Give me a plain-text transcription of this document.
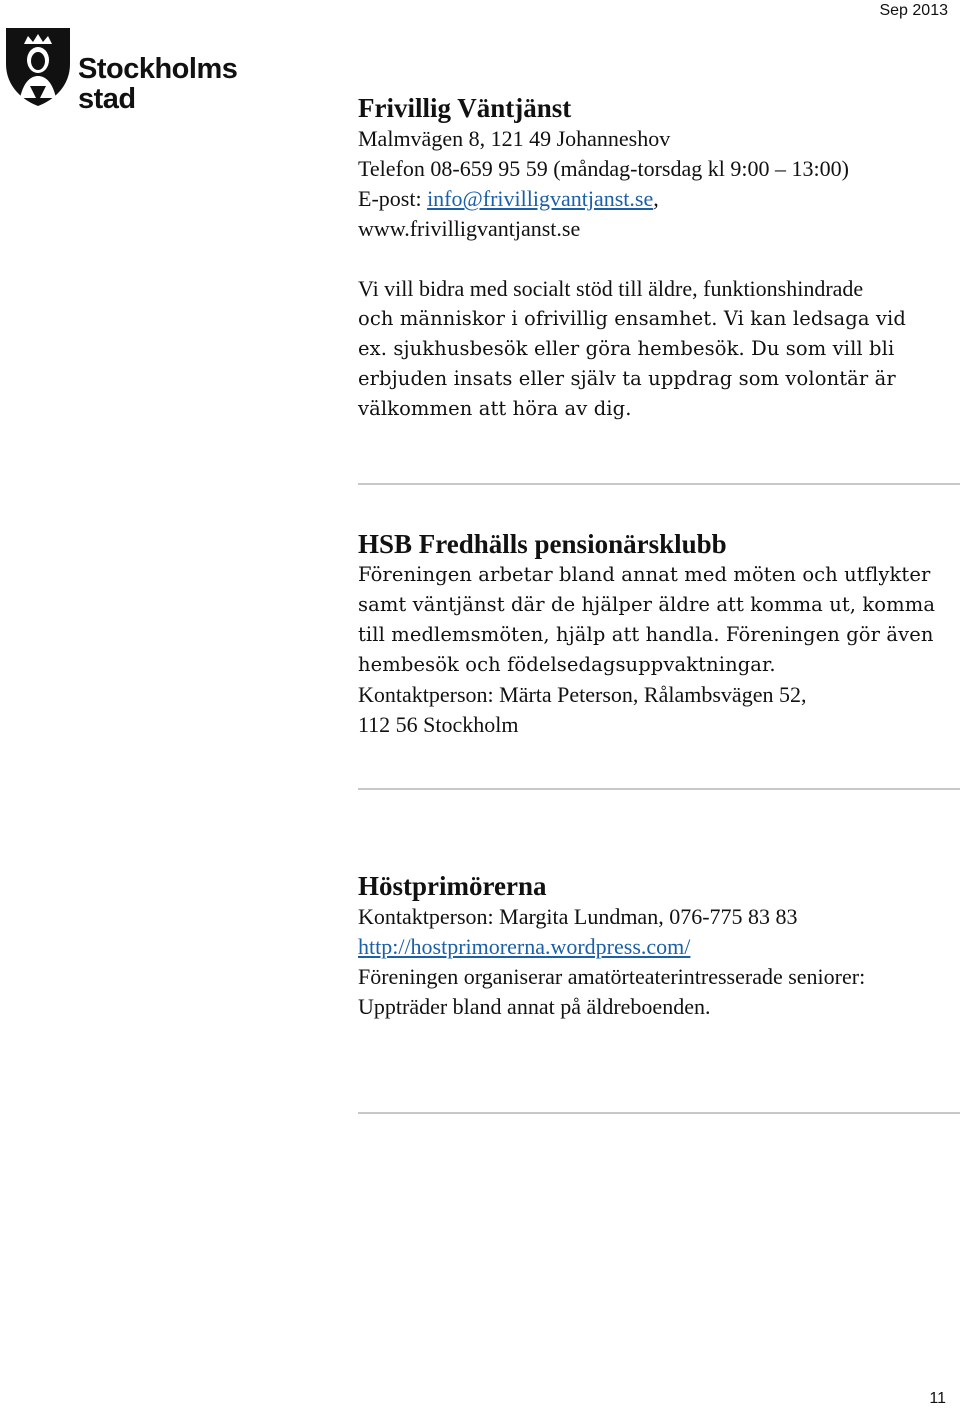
Stockholms
stad
Sep 2013
Frivillig Väntjänst

Malmvägen 8, 121 49 Johanneshov

Telefon 08-659 95 59 (måndag-torsdag kl 9:00 – 13:00)

E-post: info@frivilligvantjanst.se,

www.frivilligvantjanst.se

Vi vill bidra med socialt stöd till äldre, funktionshindrade

och människor i ofrivillig ensamhet. Vi kan ledsaga vid

ex. sjukhusbesök eller göra hembesök. Du som vill bli

erbjuden insats eller själv ta uppdrag som volontär är

välkommen att höra av dig.

HSB Fredhälls pensionärsklubb

Föreningen arbetar bland annat med möten och utflykter

samt väntjänst där de hjälper äldre att komma ut, komma

till medlemsmöten, hjälp att handla. Föreningen gör även

hembesök och födelsedagsuppvaktningar.

Kontaktperson: Märta Peterson, Rålambsvägen 52,

112 56 Stockholm

Höstprimörerna

Kontaktperson: Margita Lundman, 076-775 83 83

http://hostprimorerna.wordpress.com/

Föreningen organiserar amatörteaterintresserade seniorer:

Uppträder bland annat på äldreboenden.

11
